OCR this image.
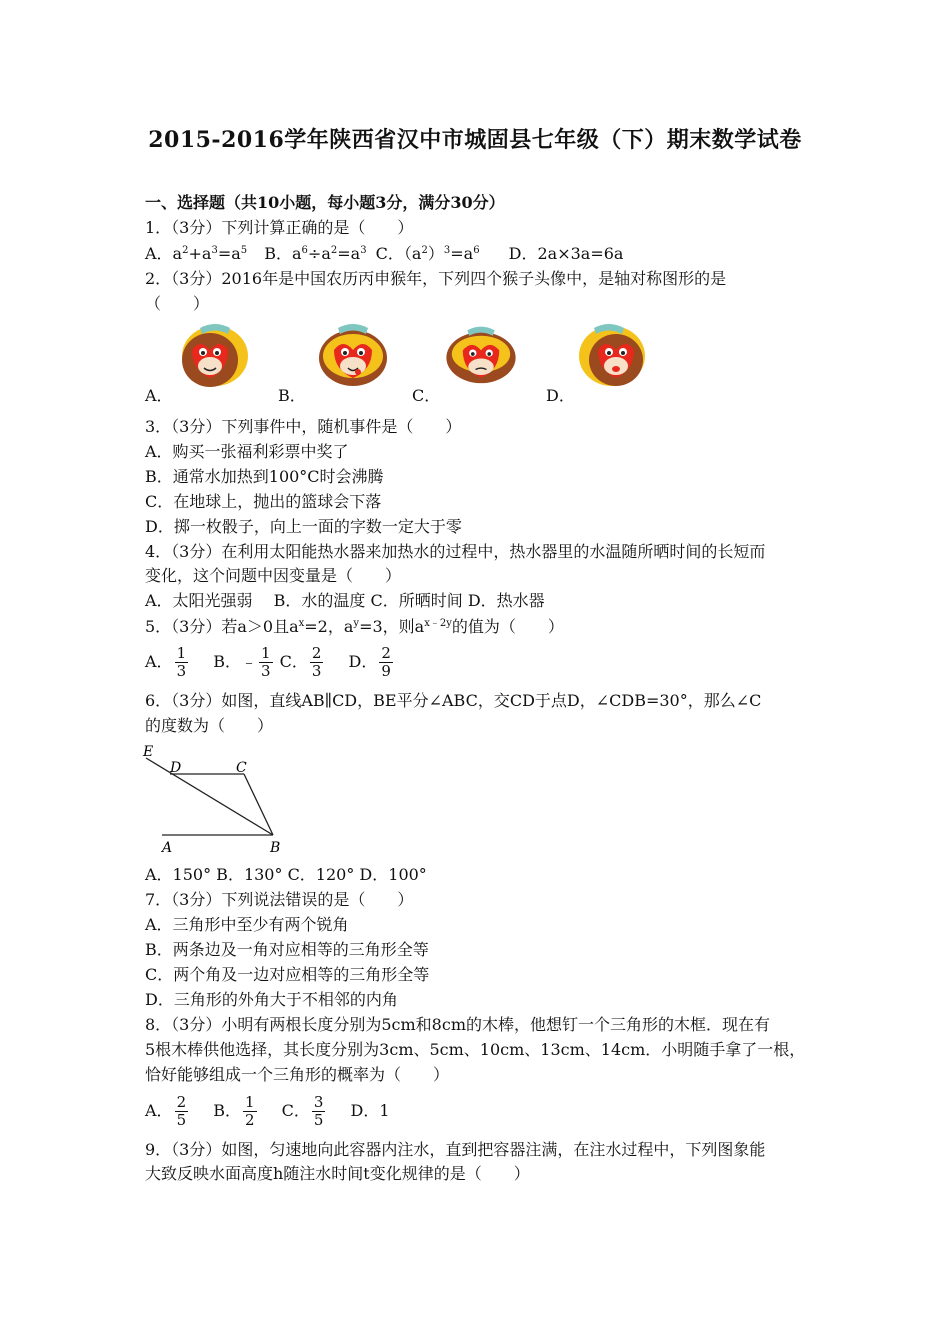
2015-2016学年陕西省汉中市城固县七年级（下）期末数学试卷
一、选择题（共10小题，每小题3分，满分30分）
1．（3分）下列计算正确的是（　　）
A．$a^2+a^3=a^5$ B．$a^6\div a^2=a^3$ C．$(a^2)^3=a^6$ D．2a×3a=6a
2．（3分）2016年是中国农历丙申猴年，下列四个猴子头像中，是轴对称图形的是
（　　）
A．	B．	C．	D．
3．（3分）下列事件中，随机事件是（　　）
A．购买一张福利彩票中奖了
B．通常水加热到100°C时会沸腾
C．在地球上，抛出的篮球会下落
D．掷一枚骰子，向上一面的字数一定大于零
4．（3分）在利用太阳能热水器来加热水的过程中，热水器里的水温随所晒时间的长短而
变化，这个问题中因变量是（　　）
A．太阳光强弱　 B．水的温度 C．所晒时间 D．热水器
5．（3分）若a＞0且$a^x=2$，$a^y=3$，则$a^{x﹣2y}$的值为（　　）
A． $\frac{1}{3}$ B．﹣ $\frac{1}{3}$ C． $\frac{2}{3}$ D． $\frac{2}{9}$
6．（3分）如图，直线AB∥CD，BE平分∠ABC，交CD于点D，∠CDB=30°，那么∠C
的度数为（　　）
E
D	C
A	B
A．150° B．130° C．120° D．100°
7．（3分）下列说法错误的是（　　）
A．三角形中至少有两个锐角
B．两条边及一角对应相等的三角形全等
C．两个角及一边对应相等的三角形全等
D．三角形的外角大于不相邻的内角
8．（3分）小明有两根长度分别为5cm和8cm的木棒，他想钉一个三角形的木框．现在有
5根木棒供他选择，其长度分别为3cm、5cm、10cm、13cm、14cm．小明随手拿了一根，
恰好能够组成一个三角形的概率为（　　）
A． $\frac{2}{5}$ B． $\frac{1}{2}$ C． $\frac{3}{5}$ D．1
9．（3分）如图，匀速地向此容器内注水，直到把容器注满，在注水过程中，下列图象能
大致反映水面高度h随注水时间t变化规律的是（　　）
